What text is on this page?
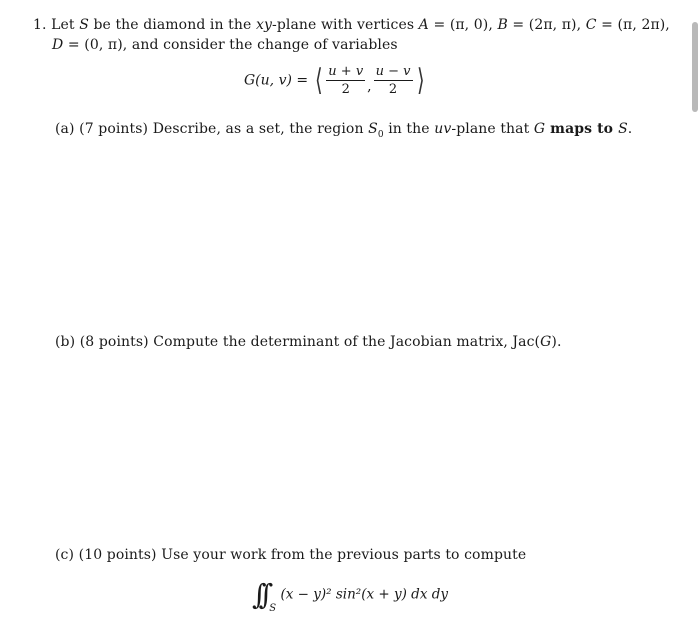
1. Let S be the diamond in the xy-plane with vertices A = (π, 0), B = (2π, π), C = (π, 2π),
D = (0, π), and consider the change of variables
G(u, v) = ⟨ $\frac{u + v}{2}$ , $\frac{u - v}{2}$ ⟩
(a) (7 points) Describe, as a set, the region $S_0$ in the uv-plane that G maps to S.
(b) (8 points) Compute the determinant of the Jacobian matrix, Jac(G).
(c) (10 points) Use your work from the previous parts to compute
∫∫ $_S$ (x − y)² sin²(x + y) dx dy
